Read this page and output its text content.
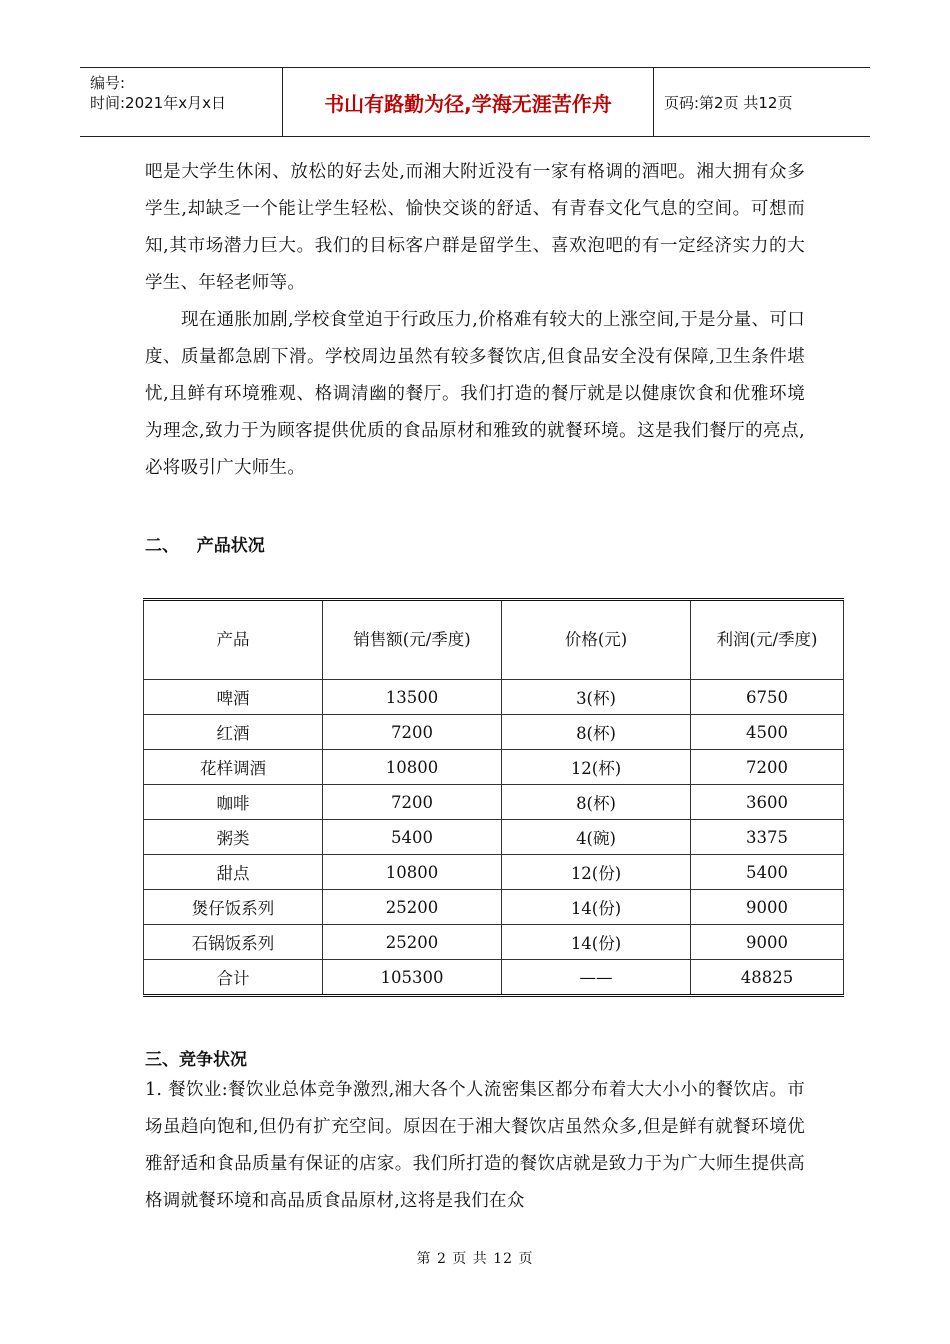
编号:
时间:2021年x月x日	书山有路勤为径,学海无涯苦作舟	页码:第2页 共12页

吧是大学生休闲、放松的好去处,而湘大附近没有一家有格调的酒吧。湘大拥有众多学生,却缺乏一个能让学生轻松、愉快交谈的舒适、有青春文化气息的空间。可想而知,其市场潜力巨大。我们的目标客户群是留学生、喜欢泡吧的有一定经济实力的大学生、年轻老师等。

现在通胀加剧,学校食堂迫于行政压力,价格难有较大的上涨空间,于是分量、可口度、质量都急剧下滑。学校周边虽然有较多餐饮店,但食品安全没有保障,卫生条件堪忧,且鲜有环境雅观、格调清幽的餐厅。我们打造的餐厅就是以健康饮食和优雅环境为理念,致力于为顾客提供优质的食品原材和雅致的就餐环境。这是我们餐厅的亮点,必将吸引广大师生。

二、   产品状况
产品	销售额(元/季度)	价格(元)	利润(元/季度)
啤酒	13500	3(杯)	6750
红酒	7200	8(杯)	4500
花样调酒	10800	12(杯)	7200
咖啡	7200	8(杯)	3600
粥类	5400	4(碗)	3375
甜点	10800	12(份)	5400
煲仔饭系列	25200	14(份)	9000
石锅饭系列	25200	14(份)	9000
合计	105300	——	48825
三、竞争状况

1. 餐饮业:餐饮业总体竞争激烈,湘大各个人流密集区都分布着大大小小的餐饮店。市场虽趋向饱和,但仍有扩充空间。原因在于湘大餐饮店虽然众多,但是鲜有就餐环境优雅舒适和食品质量有保证的店家。我们所打造的餐饮店就是致力于为广大师生提供高格调就餐环境和高品质食品原材,这将是我们在众

第 2 页 共 12 页
